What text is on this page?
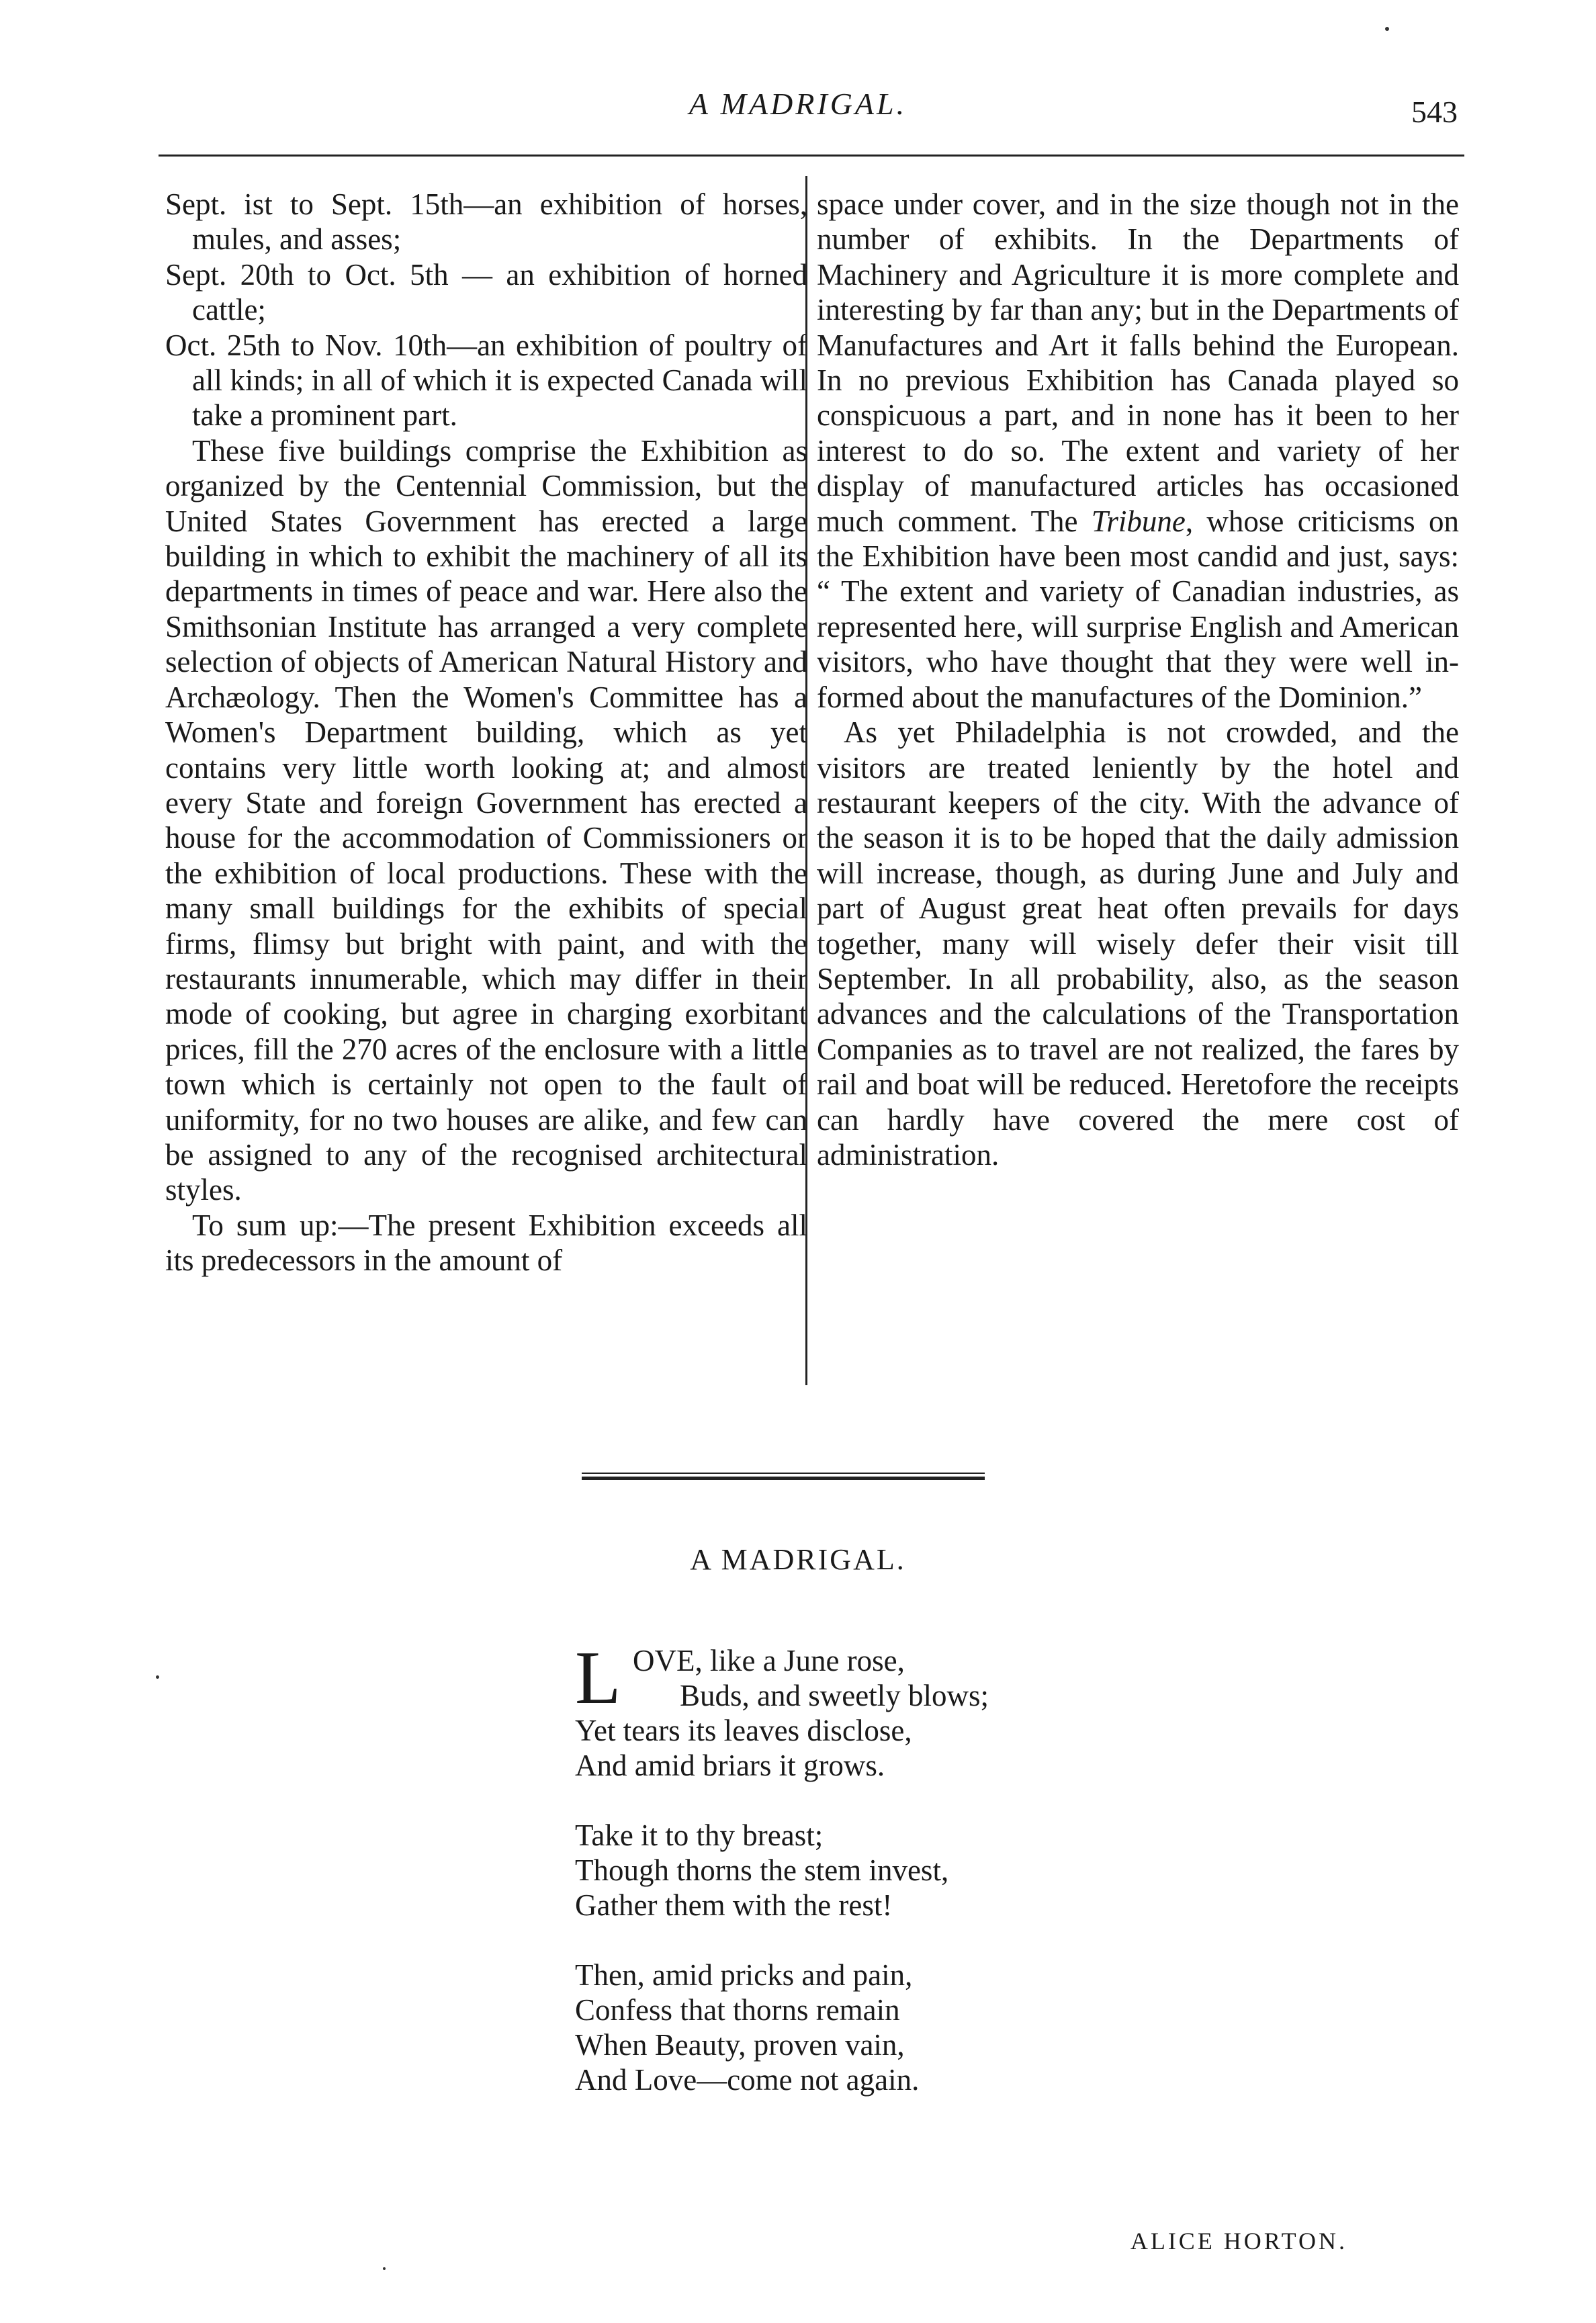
A MADRIGAL.	543

Sept. ist to Sept. 15th—an exhibition of horses, mules, and asses;

Sept. 20th to Oct. 5th — an exhibition of horned cattle;

Oct. 25th to Nov. 10th—an exhibition of poultry of all kinds; in all of which it is expected Canada will take a prominent part.

These five buildings comprise the Exhibition as organized by the Centennial Commission, but the United States Government has erected a large building in which to exhibit the machinery of all its departments in times of peace and war. Here also the Smithsonian Institute has arranged a very complete selection of objects of American Natural History and Archæology. Then the Women's Committee has a Women's Department building, which as yet contains very little worth looking at; and almost every State and foreign Government has erected a house for the accommodation of Commissioners or the exhibition of local productions. These with the many small buildings for the exhibits of special firms, flimsy but bright with paint, and with the restaurants innumerable, which may differ in their mode of cooking, but agree in charging exorbitant prices, fill the 270 acres of the enclosure with a little town which is certainly not open to the fault of uniformity, for no two houses are alike, and few can be assigned to any of the recognised architectural styles.

To sum up:—The present Exhibition exceeds all its predecessors in the amount of

space under cover, and in the size though not in the number of exhibits. In the Departments of Machinery and Agriculture it is more complete and interesting by far than any; but in the Departments of Manufactures and Art it falls behind the European. In no previous Exhibition has Canada played so conspicuous a part, and in none has it been to her interest to do so. The extent and variety of her display of manufactured articles has occasioned much comment. The Tribune, whose criticisms on the Exhibition have been most candid and just, says: “ The extent and variety of Canadian industries, as represented here, will surprise English and American visitors, who have thought that they were well informed about the manufactures of the Dominion.”

As yet Philadelphia is not crowded, and the visitors are treated leniently by the hotel and restaurant keepers of the city. With the advance of the season it is to be hoped that the daily admission will increase, though, as during June and July and part of August great heat often prevails for days together, many will wisely defer their visit till September. In all probability, also, as the season advances and the calculations of the Transportation Companies as to travel are not realized, the fares by rail and boat will be reduced. Heretofore the receipts can hardly have covered the mere cost of administration.

A MADRIGAL.
L OVE, like a June rose,
Buds, and sweetly blows;
Yet tears its leaves disclose,
And amid briars it grows.
Take it to thy breast;
Though thorns the stem invest,
Gather them with the rest!
Then, amid pricks and pain,
Confess that thorns remain
When Beauty, proven vain,
And Love—come not again.
ALICE HORTON.
